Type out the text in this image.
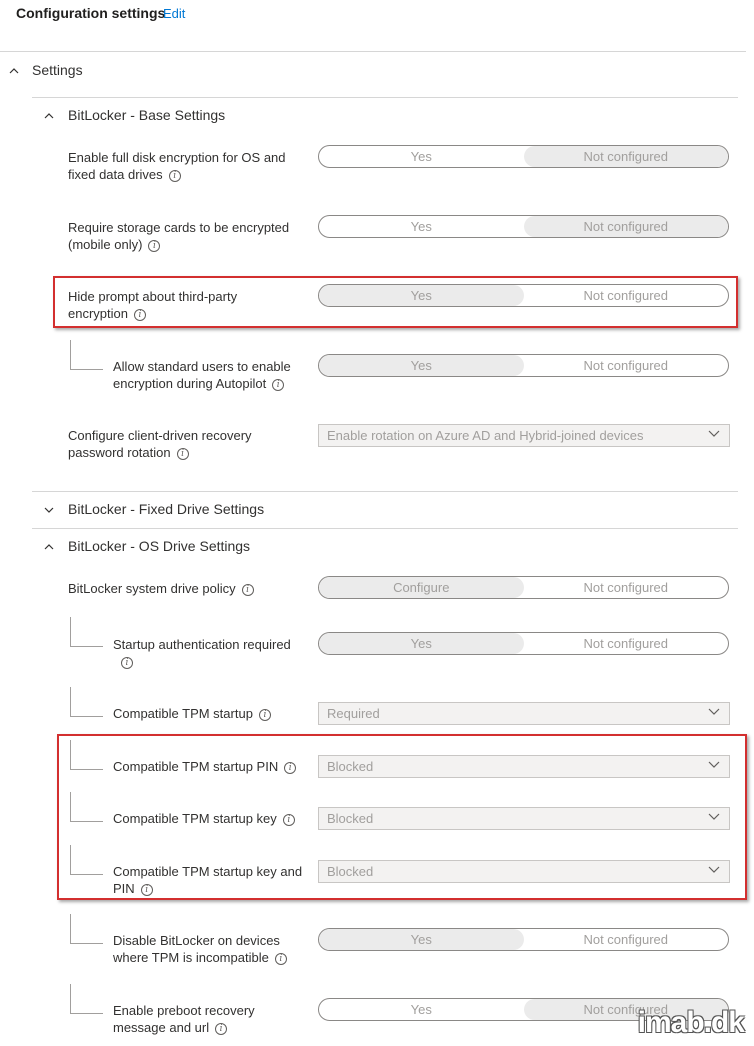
Configuration settings
Edit
Settings
BitLocker - Base Settings
Enable full disk encryption for OS and
fixed data drives i
Yes	Not configured
Require storage cards to be encrypted
(mobile only) i
Yes	Not configured
Hide prompt about third-party
encryption i
Yes	Not configured
Allow standard users to enable
encryption during Autopilot i
Yes	Not configured
Configure client-driven recovery
password rotation i
Enable rotation on Azure AD and Hybrid-joined devices
BitLocker - Fixed Drive Settings
BitLocker - OS Drive Settings
BitLocker system drive policy i	Configure	Not configured
Startup authentication required
i
Yes	Not configured
Compatible TPM startup i	Required
Compatible TPM startup PIN i	Blocked
Compatible TPM startup key i	Blocked
Compatible TPM startup key and
PIN i
Blocked
Disable BitLocker on devices
where TPM is incompatible i
Yes	Not configured
Enable preboot recovery
message and url i
Yes	Not configured
imab.dk
